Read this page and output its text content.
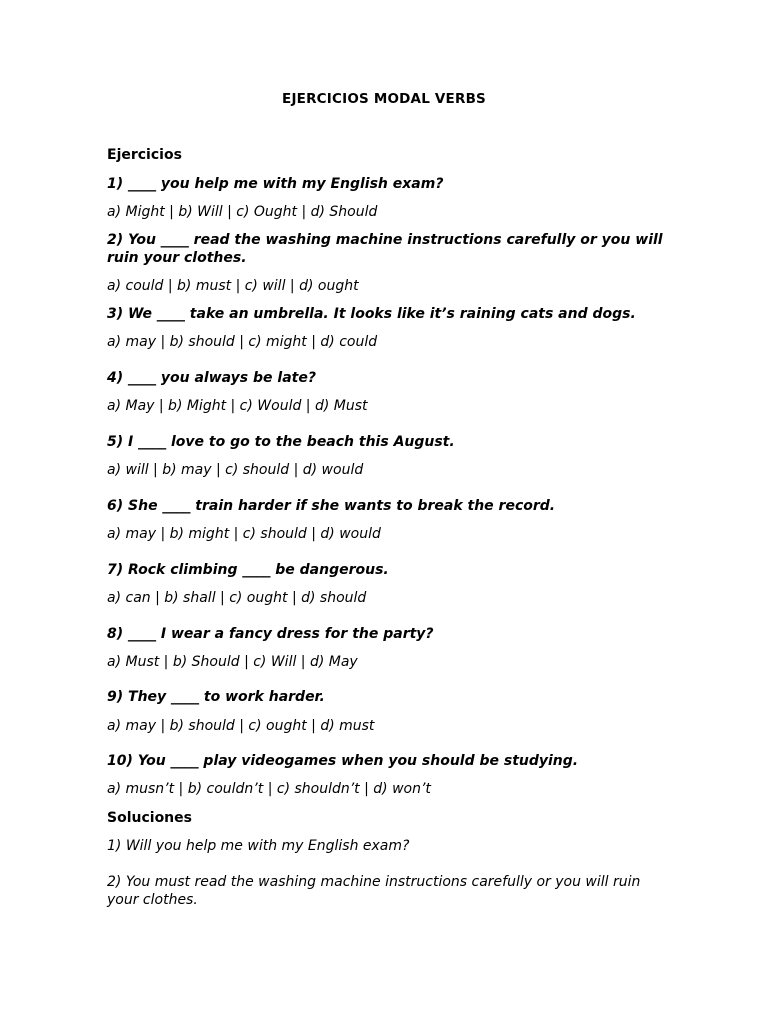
EJERCICIOS MODAL VERBS
Ejercicios
1) ____ you help me with my English exam?
a) Might | b) Will | c) Ought | d) Should
2) You ____ read the washing machine instructions carefully or you will ruin your clothes.
a) could | b) must | c) will | d) ought
3) We ____ take an umbrella. It looks like it’s raining cats and dogs.
a) may | b) should | c) might | d) could
4) ____ you always be late?
a) May | b) Might | c) Would | d) Must
5) I ____ love to go to the beach this August.
a) will | b) may | c) should | d) would
6) She ____ train harder if she wants to break the record.
a) may | b) might | c) should | d) would
7) Rock climbing ____ be dangerous.
a) can | b) shall | c) ought | d) should
8) ____ I wear a fancy dress for the party?
a) Must | b) Should | c) Will | d) May
9) They ____ to work harder.
a) may | b) should | c) ought | d) must
10) You ____ play videogames when you should be studying.
a) musn’t | b) couldn’t | c) shouldn’t | d) won’t
Soluciones
1) Will you help me with my English exam?
2) You must read the washing machine instructions carefully or you will ruin your clothes.
